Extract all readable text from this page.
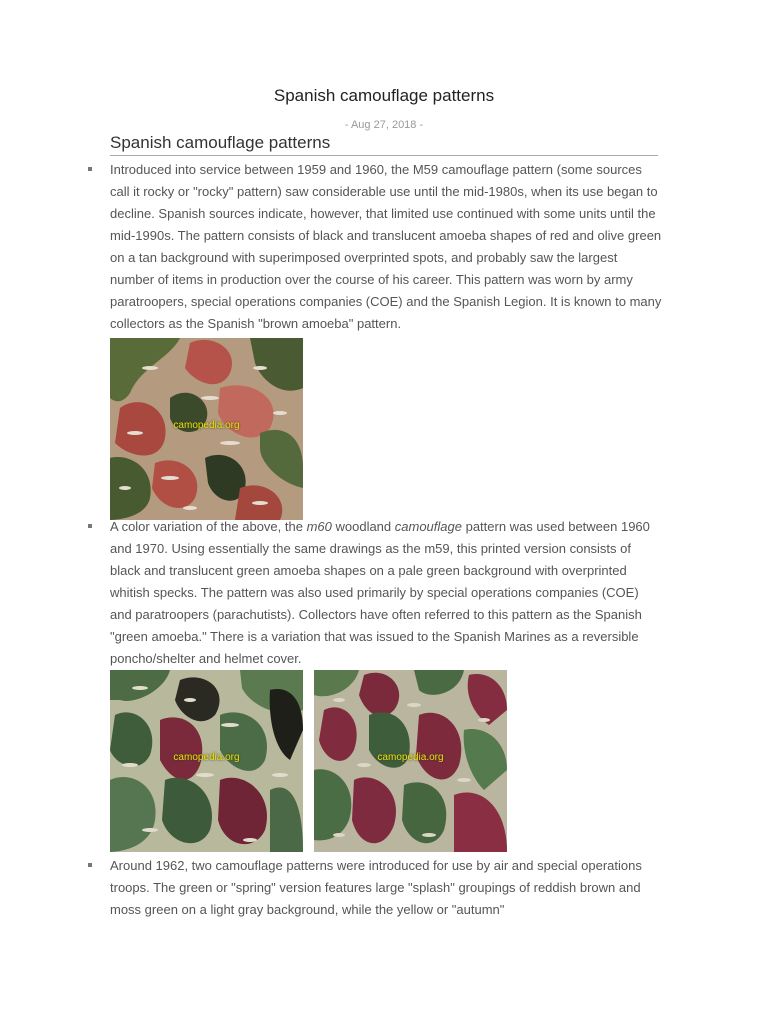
Spanish camouflage patterns
- Aug 27, 2018 -
Spanish camouflage patterns

Introduced into service between 1959 and 1960, the M59 camouflage pattern (some sources call it rocky or "rocky" pattern) saw considerable use until the mid-1980s, when its use began to decline. Spanish sources indicate, however, that limited use continued with some units until the mid-1990s. The pattern consists of black and translucent amoeba shapes of red and olive green on a tan background with superimposed overprinted spots, and probably saw the largest number of items in production over the course of his career. This pattern was worn by army paratroopers, special operations companies (COE) and the Spanish Legion. It is known to many collectors as the Spanish "brown amoeba" pattern.

camopedia.org

A color variation of the above, the m60 woodland camouflage pattern was used between 1960 and 1970. Using essentially the same drawings as the m59, this printed version consists of black and translucent green amoeba shapes on a pale green background with overprinted whitish specks. The pattern was also used primarily by special operations companies (COE) and paratroopers (parachutists). Collectors have often referred to this pattern as the Spanish "green amoeba." There is a variation that was issued to the Spanish Marines as a reversible poncho/shelter and helmet cover.

camopedia.org	camopedia.org

Around 1962, two camouflage patterns were introduced for use by air and special operations troops. The green or "spring" version features large "splash" groupings of reddish brown and moss green on a light gray background, while the yellow or "autumn"
